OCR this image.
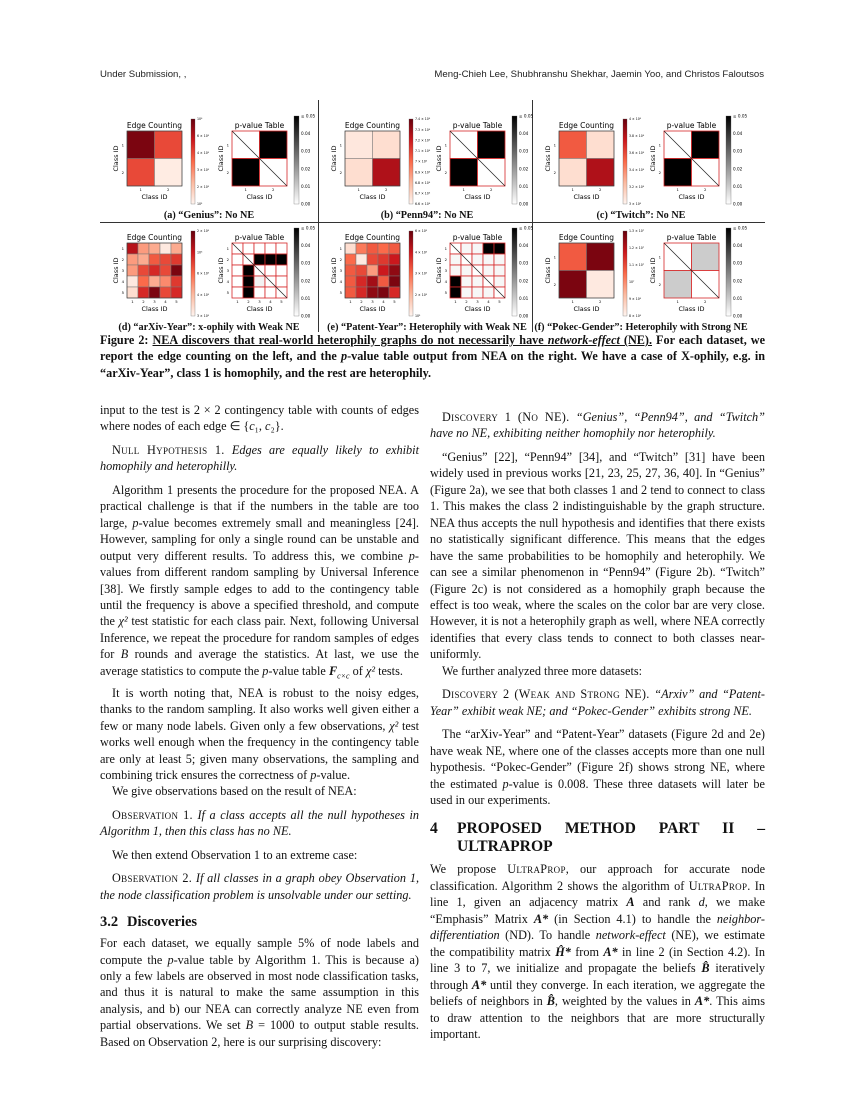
Under Submission, ,	Meng-Chieh Lee, Shubhranshu Shekhar, Jaemin Yoo, and Christos Faloutsos
Edge Counting
1
1
2
2
Class ID
Class ID
10⁶
6 × 10⁵
4 × 10⁵
3 × 10⁵
2 × 10⁵
10⁵
p-value Table
1
1
2
2
Class ID
Class ID
≥ 0.05
0.04
0.03
0.02
0.01
0.00
(a) “Genius”: No NE
Edge Counting
1
1
2
2
Class ID
Class ID
7.4 × 10⁶
7.3 × 10⁶
7.2 × 10⁶
7.1 × 10⁶
7 × 10⁶
6.9 × 10⁶
6.8 × 10⁶
6.7 × 10⁶
6.6 × 10⁶
p-value Table
1
1
2
2
Class ID
Class ID
≥ 0.05
0.04
0.03
0.02
0.01
0.00
(b) “Penn94”: No NE
Edge Counting
1
1
2
2
Class ID
Class ID
4 × 10⁶
3.8 × 10⁶
3.6 × 10⁶
3.4 × 10⁶
3.2 × 10⁶
3 × 10⁶
p-value Table
1
1
2
2
Class ID
Class ID
≥ 0.05
0.04
0.03
0.02
0.01
0.00
(c) “Twitch”: No NE
Edge Counting
1
1
2
2
3
3
4
4
5
5
Class ID
Class ID
2 × 10⁶
10⁶
6 × 10⁵
4 × 10⁵
3 × 10⁵
p-value Table
1
1
2
2
3
3
4
4
5
5
Class ID
Class ID
≥ 0.05
0.04
0.03
0.02
0.01
0.00
(d) “arXiv-Year”: x-ophily with Weak NE
Edge Counting
1
1
2
2
3
3
4
4
5
5
Class ID
Class ID
6 × 10⁵
4 × 10⁵
3 × 10⁵
2 × 10⁵
10⁵
p-value Table
1
1
2
2
3
3
4
4
5
5
Class ID
Class ID
≥ 0.05
0.04
0.03
0.02
0.01
0.00
(e) “Patent-Year”: Heterophily with Weak NE
Edge Counting
1
1
2
2
Class ID
Class ID
1.3 × 10⁷
1.2 × 10⁷
1.1 × 10⁷
10⁷
9 × 10⁶
8 × 10⁶
p-value Table
1
1
2
2
Class ID
Class ID
≥ 0.05
0.04
0.03
0.02
0.01
0.00
(f) “Pokec-Gender”: Heterophily with Strong NE
Figure 2: NEA discovers that real-world heterophily graphs do not necessarily have network-effect (NE). For each dataset, we report the edge counting on the left, and the p-value table output from NEA on the right. We have a case of X-ophily, e.g. in “arXiv-Year”, class 1 is homophily, and the rest are heterophily.

input to the test is 2 × 2 contingency table with counts of edges where nodes of each edge ∈ {c₁, c₂}.

Null Hypothesis 1. Edges are equally likely to exhibit homophily and heterophilly.

Algorithm 1 presents the procedure for the proposed NEA. A practical challenge is that if the numbers in the table are too large, p-value becomes extremely small and meaningless [24]. However, sampling for only a single round can be unstable and output very different results. To address this, we combine p-values from different random sampling by Universal Inference [38]. We firstly sample edges to add to the contingency table until the frequency is above a specified threshold, and compute the χ² test statistic for each class pair. Next, following Universal Inference, we repeat the procedure for random samples of edges for B rounds and average the statistics. At last, we use the average statistics to compute the p-value table $F_{c\times c}$ of χ² tests.

It is worth noting that, NEA is robust to the noisy edges, thanks to the random sampling. It also works well given either a few or many node labels. Given only a few observations, χ² test works well enough when the frequency in the contingency table are only at least 5; given many observations, the sampling and combining trick ensures the correctness of p-value.

We give observations based on the result of NEA:

Observation 1. If a class accepts all the null hypotheses in Algorithm 1, then this class has no NE.

We then extend Observation 1 to an extreme case:

Observation 2. If all classes in a graph obey Observation 1, the node classification problem is unsolvable under our setting.

3.2 Discoveries

For each dataset, we equally sample 5% of node labels and compute the p-value table by Algorithm 1. This is because a) only a few labels are observed in most node classification tasks, and thus it is natural to make the same assumption in this analysis, and b) our NEA can correctly analyze NE even from partial observations. We set B = 1000 to output stable results. Based on Observation 2, here is our surprising discovery:

Discovery 1 (No NE). “Genius”, “Penn94”, and “Twitch” have no NE, exhibiting neither homophily nor heterophily.

“Genius” [22], “Penn94” [34], and “Twitch” [31] have been widely used in previous works [21, 23, 25, 27, 36, 40]. In “Genius” (Figure 2a), we see that both classes 1 and 2 tend to connect to class 1. This makes the class 2 indistinguishable by the graph structure. NEA thus accepts the null hypothesis and identifies that there exists no statistically significant difference. This means that the edges have the same probabilities to be homophily and heterophily. We can see a similar phenomenon in “Penn94” (Figure 2b). “Twitch” (Figure 2c) is not considered as a homophily graph because the effect is too weak, where the scales on the color bar are very close. However, it is not a heterophily graph as well, where NEA correctly identifies that every class tends to connect to both classes near-uniformly.

We further analyzed three more datasets:

Discovery 2 (Weak and Strong NE). “Arxiv” and “Patent-Year” exhibit weak NE; and “Pokec-Gender” exhibits strong NE.

The “arXiv-Year” and “Patent-Year” datasets (Figure 2d and 2e) have weak NE, where one of the classes accepts more than one null hypothesis. “Pokec-Gender” (Figure 2f) shows strong NE, where the estimated p-value is 0.008. These three datasets will later be used in our experiments.

4 PROPOSED METHOD PART II – ULTRAPROP

We propose UltraProp, our approach for accurate node classification. Algorithm 2 shows the algorithm of UltraProp. In line 1, given an adjacency matrix A and rank d, we make “Emphasis” Matrix A* (in Section 4.1) to handle the neighbor-differentiation (ND). To handle network-effect (NE), we estimate the compatibility matrix Ĥ* from A* in line 2 (in Section 4.2). In line 3 to 7, we initialize and propagate the beliefs B̂ iteratively through A* until they converge. In each iteration, we aggregate the beliefs of neighbors in B̂, weighted by the values in A*. This aims to draw attention to the neighbors that are more structurally important.
